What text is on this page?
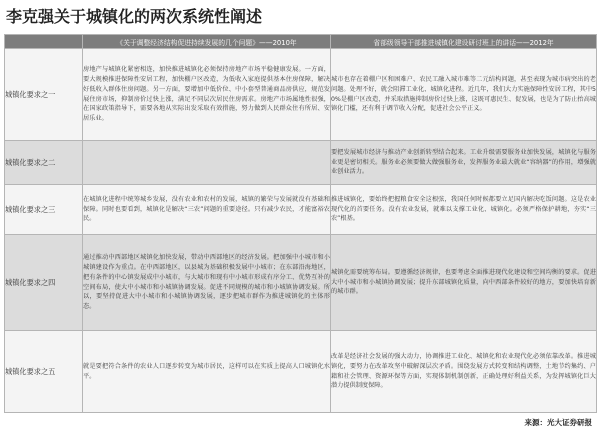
李克强关于城镇化的两次系统性阐述
	《关于调整经济结构促进持续发展的几个问题》——2010年	省部级领导干部推进城镇化建设研讨班上的讲话——2012年
城镇化要求之一	房地产与城镇化紧密相连，加快推进城镇化必须保持房地产市场平稳健康发展。一方面，要大规模推进保障性安居工程，加快棚户区改造，为低收入家庭提供基本住房保障，解决好低收入群体住房问题。另一方面，要增加中低价位、中小套型普通商品房供应，规范发展住房市场，抑制房价过快上涨，满足不同层次居民住房需求。房地产市场属地性很强，在国家政策指导下，需要各地从实际出发采取有效措施，努力做到人民群众住有所居、安居乐业。	城市也存在着棚户区和困难户、农民工融入城市难等二元结构问题，甚至表现为城市病突出的老问题。处理不好，就会阻滞工业化、城镇化进程。近几年，我们大力实施保障性安居工程，其中50%是棚户区改造，并采取措施抑制房价过快上涨，这既可惠民生、促发展，也是为了防止抬高城镇化门槛，还有利于调节收入分配，促进社会公平正义。
城镇化要求之二		要把发展城市经济与推动产业创新转型结合起来。工业升级需要服务业加快发展，城镇化与服务业更是密切相关。服务业必须要做大做强服务业，发挥服务业最大就业“容纳器”的作用，增强就业创业活力。
城镇化要求之三	在城镇化进程中统筹城乡发展，没有农业和农村的发展，城镇的繁荣与发展就没有基础和保障。同时也要看到，城镇化是解决“三农”问题的重要途径。只有减少农民，才能富裕农民。	推进城镇化，要始终把握粮食安全这根弦，我国任何时候都要立足国内解决吃饭问题。这是农业现代化的首要任务。没有农业发展，就难以支撑工业化、城镇化。必须严格保护耕地，夯实“三农”根基。
城镇化要求之四	通过推动中西部地区城镇化加快发展，带动中西部地区的经济发展。把加强中小城市和小城镇建设作为重点。在中西部地区，以县城为基础积极发展中小城市；在东部沿海地区，把有条件的中心镇发展成中小城市，与大城市和现有中小城市形成有序分工、优势互补的空间布局，使大中小城市和小城镇协调发展。促进不同规模的城市和小城镇协调发展。所以，要坚持促进大中小城市和小城镇协调发展，逐步把城市群作为推进城镇化的主体形态。	城镇化需要统筹布局。要遵循经济规律，也要考虑全面推进现代化建设和空间均衡的要求。促进大中小城市和小城镇协调发展；提升东部城镇化质量，向中西部条件较好的地方，要加快培育新的城市群。
城镇化要求之五	就是要把符合条件的农业人口逐步转变为城市居民，这样可以在实质上提高人口城镇化水平。	改革是经济社会发展的强大动力，协调推进工业化、城镇化和农业现代化必须依靠改革。推进城镇化，要努力在改革攻坚中破解深层次矛盾。围绕发展方式转变和结构调整，土地节约集约、户籍和社会管理、资源环保等方面，实现体制机制创新，正确处理好利益关系，为发挥城镇化巨大潜力提供制度保障。
来源：光大证券研报
